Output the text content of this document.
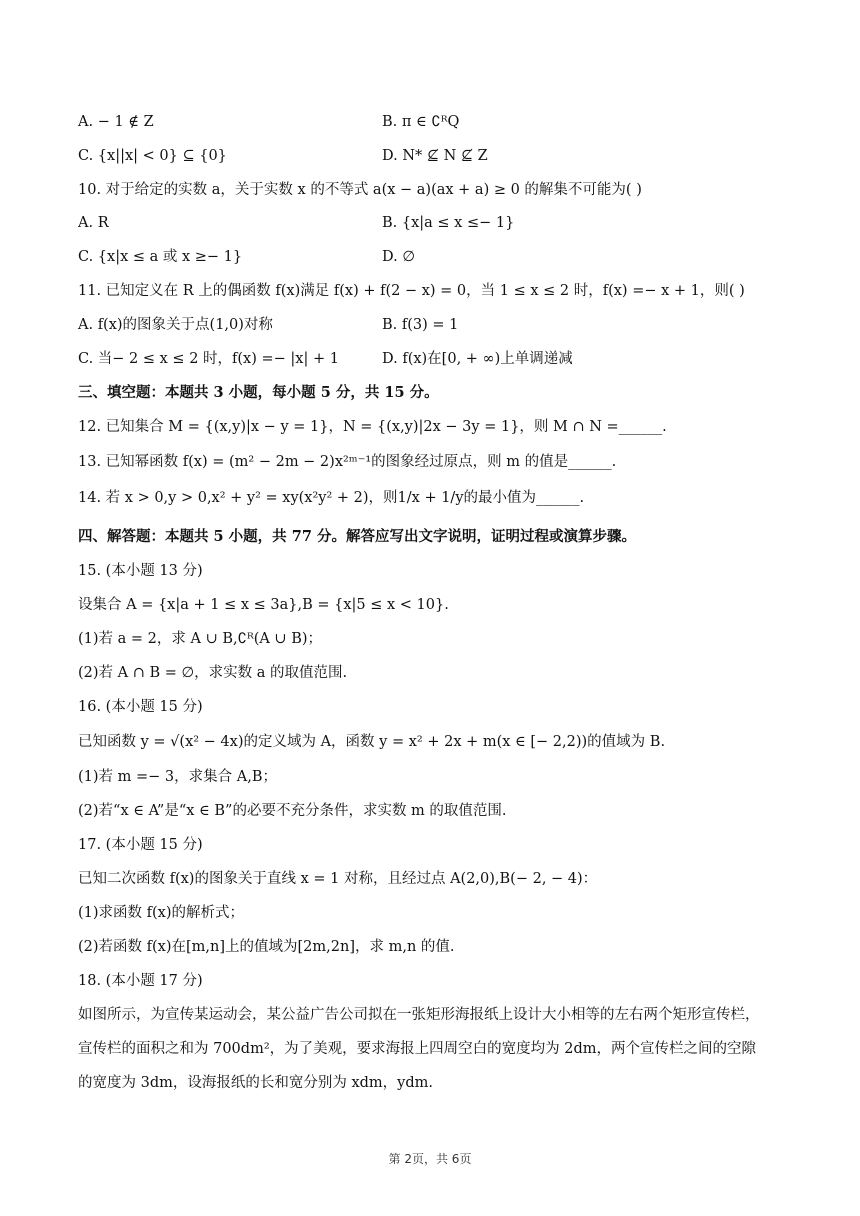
A. − 1 ∉ Z	B. π ∈ ∁ᴿQ
C. {x||x| < 0} ⊆ {0}	D. N* ⊈ N ⊈ Z
10. 对于给定的实数 a，关于实数 x 的不等式 a(x − a)(ax + a) ≥ 0 的解集不可能为( )
A. R	B. {x|a ≤ x ≤− 1}
C. {x|x ≤ a 或 x ≥− 1}	D. ∅
11. 已知定义在 R 上的偶函数 f(x)满足 f(x) + f(2 − x) = 0，当 1 ≤ x ≤ 2 时，f(x) =− x + 1，则( )
A. f(x)的图象关于点(1,0)对称	B. f(3) = 1
C. 当− 2 ≤ x ≤ 2 时，f(x) =− |x| + 1	D. f(x)在[0, + ∞)上单调递减
三、填空题：本题共 3 小题，每小题 5 分，共 15 分。
12. 已知集合 M = {(x,y)|x − y = 1}，N = {(x,y)|2x − 3y = 1}，则 M ∩ N =______.
13. 已知幂函数 f(x) = (m² − 2m − 2)x²ᵐ⁻¹的图象经过原点，则 m 的值是______.
14. 若 x > 0,y > 0,x² + y² = xy(x²y² + 2)，则1/x + 1/y的最小值为______.
四、解答题：本题共 5 小题，共 77 分。解答应写出文字说明，证明过程或演算步骤。
15. (本小题 13 分)
设集合 A = {x|a + 1 ≤ x ≤ 3a},B = {x|5 ≤ x < 10}.
(1)若 a = 2，求 A ∪ B,∁ᴿ(A ∪ B)；
(2)若 A ∩ B = ∅，求实数 a 的取值范围.
16. (本小题 15 分)
已知函数 y = √(x² − 4x)的定义域为 A，函数 y = x² + 2x + m(x ∈ [− 2,2))的值域为 B.
(1)若 m =− 3，求集合 A,B；
(2)若“x ∈ A”是“x ∈ B”的必要不充分条件，求实数 m 的取值范围.
17. (本小题 15 分)
已知二次函数 f(x)的图象关于直线 x = 1 对称，且经过点 A(2,0),B(− 2, − 4)：
(1)求函数 f(x)的解析式；
(2)若函数 f(x)在[m,n]上的值域为[2m,2n]，求 m,n 的值.
18. (本小题 17 分)
如图所示，为宣传某运动会，某公益广告公司拟在一张矩形海报纸上设计大小相等的左右两个矩形宣传栏，
宣传栏的面积之和为 700dm²，为了美观，要求海报上四周空白的宽度均为 2dm，两个宣传栏之间的空隙
的宽度为 3dm，设海报纸的长和宽分别为 xdm，ydm.
第 2页，共 6页
